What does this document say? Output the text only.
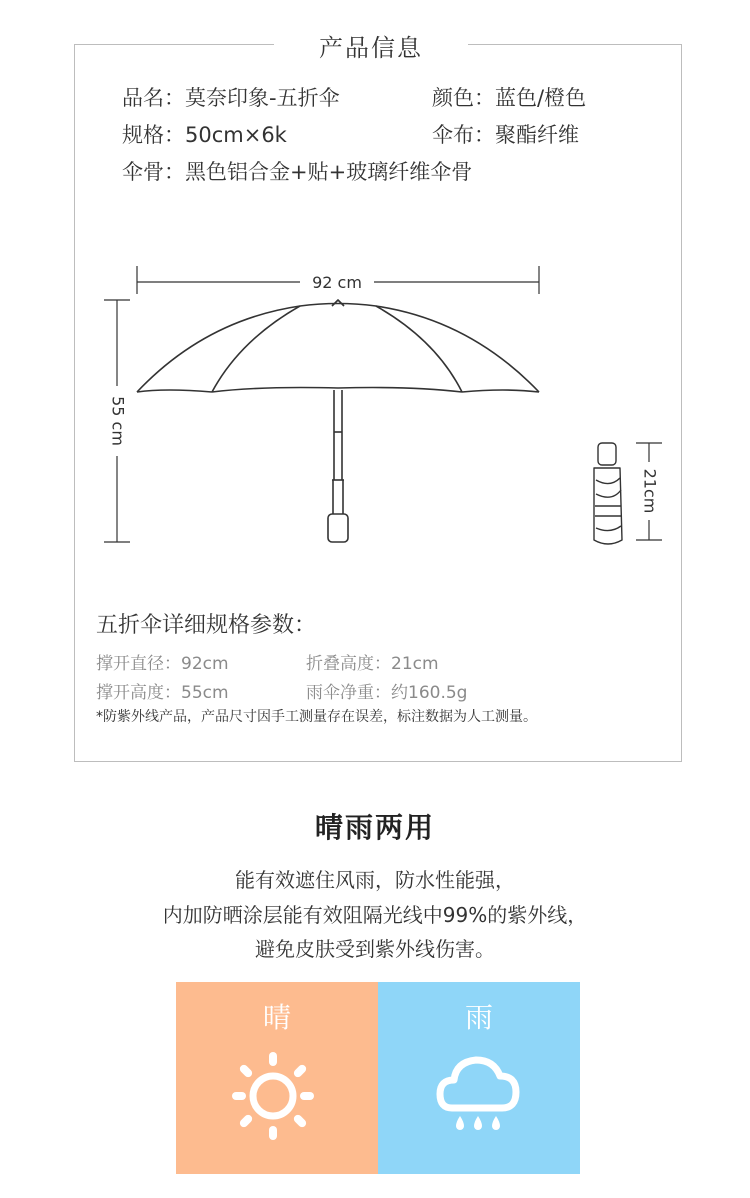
产品信息
品名：莫奈印象-五折伞	颜色：蓝色/橙色
规格：50cm×6k	伞布：聚酯纤维
伞骨：黑色铝合金+贴+玻璃纤维伞骨
92 cm
55 cm
21cm
五折伞详细规格参数：
撑开直径：92cm	折叠高度：21cm
撑开高度：55cm	雨伞净重：约160.5g
*防紫外线产品，产品尺寸因手工测量存在误差，标注数据为人工测量。
晴雨两用
能有效遮住风雨，防水性能强，
内加防晒涂层能有效阻隔光线中99%的紫外线，
避免皮肤受到紫外线伤害。
晴	雨
